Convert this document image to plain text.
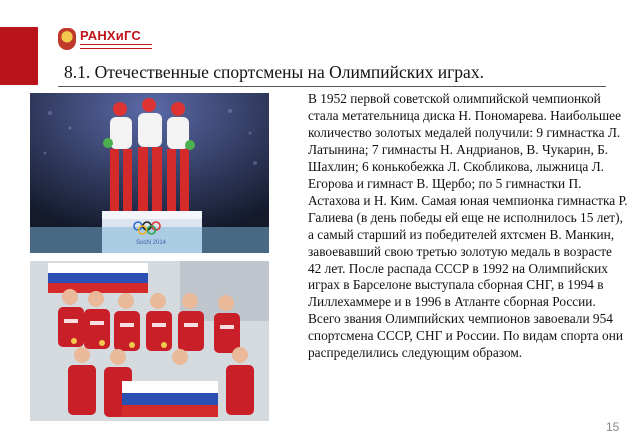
РАНХиГС
8.1. Отечественные спортсмены на Олимпийских играх.
Sochi 2014

В 1952 первой советской олимпийской чемпионкой стала метательница диска Н. Пономарева. Наибольшее количество золотых медалей получили: 9 гимнастка Л. Латынина; 7 гимнасты Н. Андрианов, В. Чукарин, Б. Шахлин; 6 конькобежка Л. Скобликова, лыжница Л. Егорова и гимнаст В. Щербо; по 5 гимнастки П. Астахова и Н. Ким. Самая юная чемпионка гимнастка Р. Галиева (в день победы ей еще не исполнилось 15 лет), а самый старший из победителей яхтсмен В. Манкин, завоевавший свою третью золотую медаль в возрасте 42 лет. После распада СССР в 1992 на Олимпийских играх в Барселоне выступала сборная СНГ, в 1994 в Лиллехаммере и в 1996 в Атланте сборная России. Всего звания Олимпийских чемпионов завоевали 954 спортсмена СССР, СНГ и России. По видам спорта они распределились следующим образом.

15
